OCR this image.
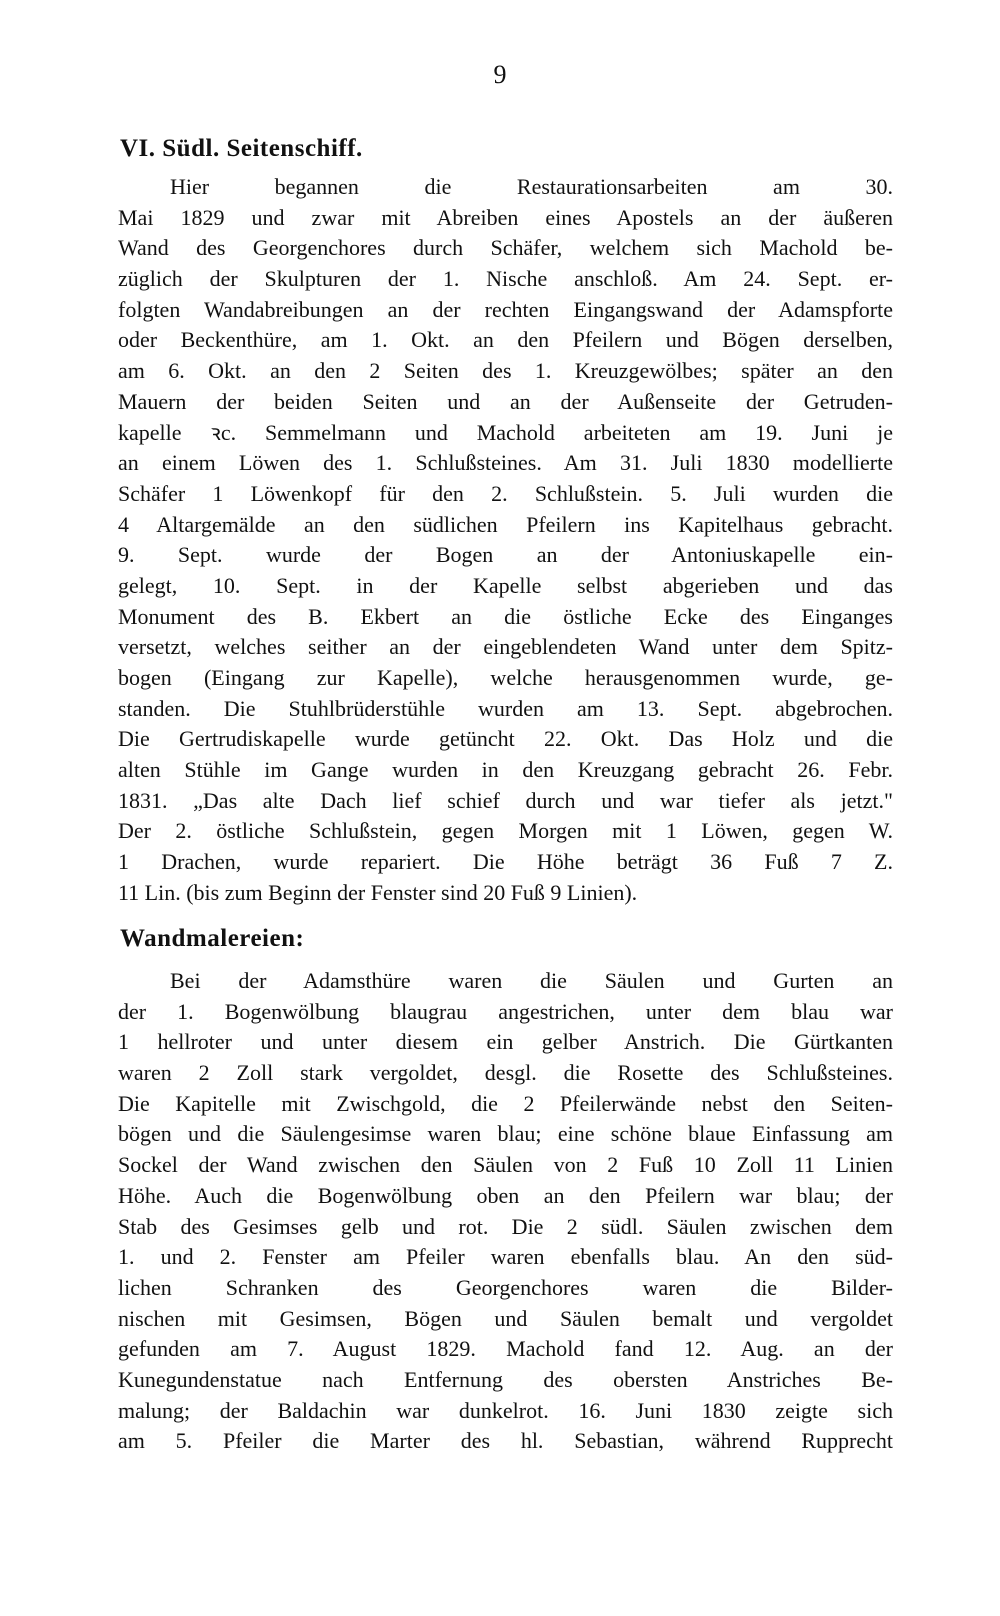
9
VI. Südl. Seitenschiff.
Hier begannen die Restaurationsarbeiten am 30.
Mai 1829 und zwar mit Abreiben eines Apostels an der äußeren
Wand des Georgenchores durch Schäfer, welchem sich Machold be-
züglich der Skulpturen der 1. Nische anschloß. Am 24. Sept. er-
folgten Wandabreibungen an der rechten Eingangswand der Adamspforte
oder Beckenthüre, am 1. Okt. an den Pfeilern und Bögen derselben,
am 6. Okt. an den 2 Seiten des 1. Kreuzgewölbes; später an den
Mauern der beiden Seiten und an der Außenseite der Getruden-
kapelle ꝛc. Semmelmann und Machold arbeiteten am 19. Juni je
an einem Löwen des 1. Schlußsteines. Am 31. Juli 1830 modellierte
Schäfer 1 Löwenkopf für den 2. Schlußstein. 5. Juli wurden die
4 Altargemälde an den südlichen Pfeilern ins Kapitelhaus gebracht.
9. Sept. wurde der Bogen an der Antoniuskapelle ein-
gelegt, 10. Sept. in der Kapelle selbst abgerieben und das
Monument des B. Ekbert an die östliche Ecke des Einganges
versetzt, welches seither an der eingeblendeten Wand unter dem Spitz-
bogen (Eingang zur Kapelle), welche herausgenommen wurde, ge-
standen. Die Stuhlbrüderstühle wurden am 13. Sept. abgebrochen.
Die Gertrudiskapelle wurde getüncht 22. Okt. Das Holz und die
alten Stühle im Gange wurden in den Kreuzgang gebracht 26. Febr.
1831. „Das alte Dach lief schief durch und war tiefer als jetzt."
Der 2. östliche Schlußstein, gegen Morgen mit 1 Löwen, gegen W.
1 Drachen, wurde repariert. Die Höhe beträgt 36 Fuß 7 Z.
11 Lin. (bis zum Beginn der Fenster sind 20 Fuß 9 Linien).
Wandmalereien:
Bei der Adamsthüre waren die Säulen und Gurten an
der 1. Bogenwölbung blaugrau angestrichen, unter dem blau war
1 hellroter und unter diesem ein gelber Anstrich. Die Gürtkanten
waren 2 Zoll stark vergoldet, desgl. die Rosette des Schlußsteines.
Die Kapitelle mit Zwischgold, die 2 Pfeilerwände nebst den Seiten-
bögen und die Säulengesimse waren blau; eine schöne blaue Einfassung am
Sockel der Wand zwischen den Säulen von 2 Fuß 10 Zoll 11 Linien
Höhe. Auch die Bogenwölbung oben an den Pfeilern war blau; der
Stab des Gesimses gelb und rot. Die 2 südl. Säulen zwischen dem
1. und 2. Fenster am Pfeiler waren ebenfalls blau. An den süd-
lichen Schranken des Georgenchores waren die Bilder-
nischen mit Gesimsen, Bögen und Säulen bemalt und vergoldet
gefunden am 7. August 1829. Machold fand 12. Aug. an der
Kunegundenstatue nach Entfernung des obersten Anstriches Be-
malung; der Baldachin war dunkelrot. 16. Juni 1830 zeigte sich
am 5. Pfeiler die Marter des hl. Sebastian, während Rupprecht
